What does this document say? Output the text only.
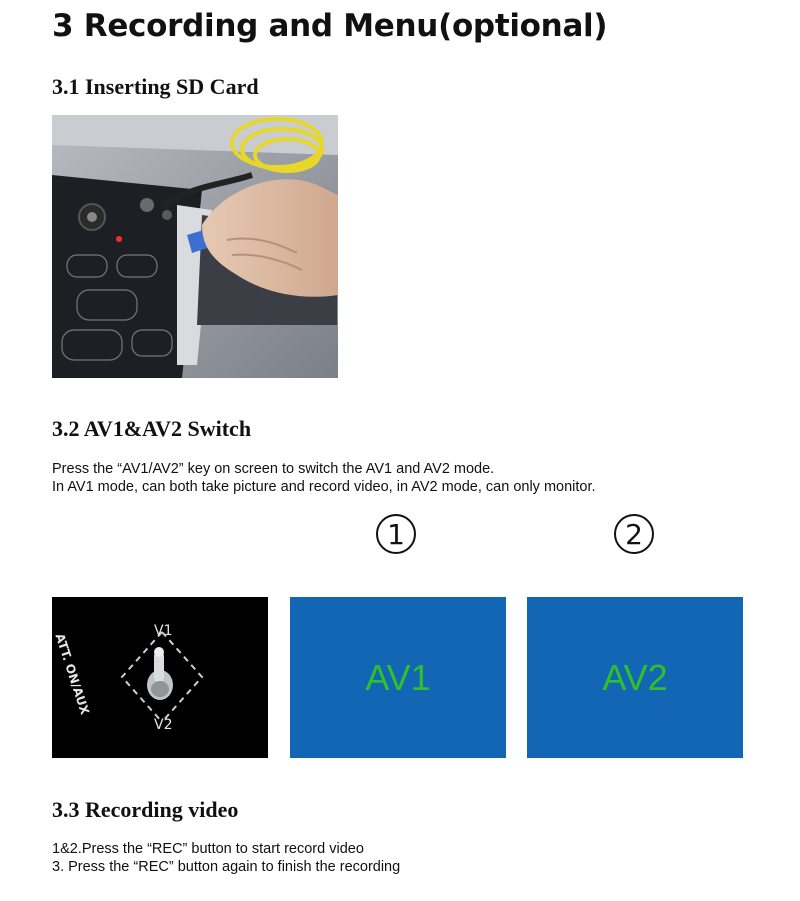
3 Recording and Menu(optional)
3.1 Inserting SD Card
3.2 AV1&AV2 Switch

Press the “AV1/AV2” key on screen to switch the AV1 and AV2 mode.

In AV1 mode, can both take picture and record video, in AV2 mode, can only monitor.

1	2
V1
V2
ATT. ON/AUX	AV1	AV2
3.3 Recording video

1&2.Press the “REC” button to start record video

3. Press the “REC” button again to finish the recording
